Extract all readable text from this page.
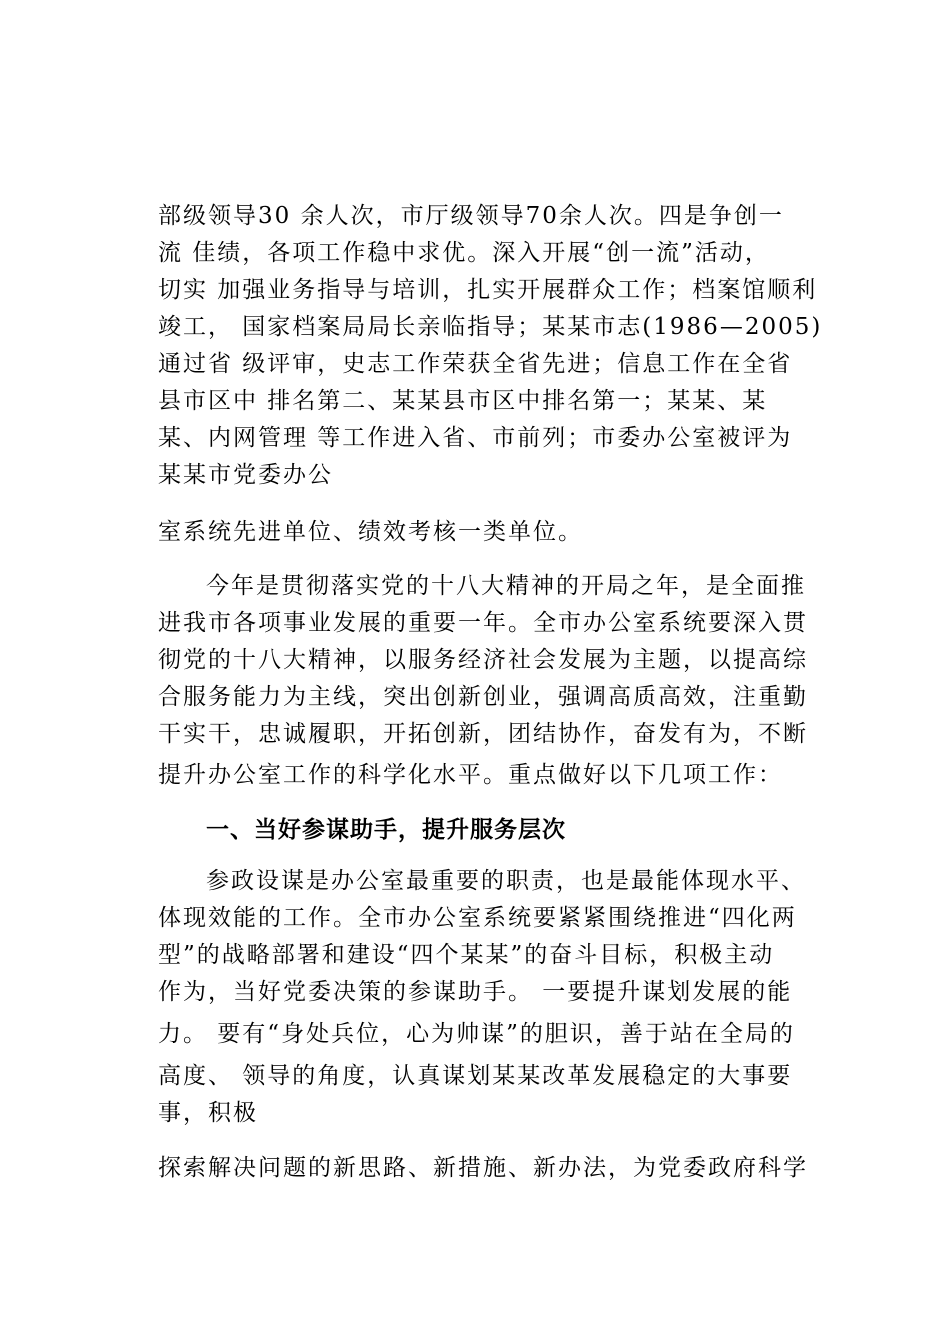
部级领导30 余人次，市厅级领导70余人次。四是争创一
流 佳绩，各项工作稳中求优。深入开展“创一流”活动，
切实 加强业务指导与培训，扎实开展群众工作；档案馆顺利
竣工， 国家档案局局长亲临指导；某某市志(1986—2005)
通过省 级评审，史志工作荣获全省先进；信息工作在全省
县市区中 排名第二、某某县市区中排名第一；某某、某
某、内网管理 等工作进入省、市前列；市委办公室被评为
某某市党委办公
室系统先进单位、绩效考核一类单位。
今年是贯彻落实党的十八大精神的开局之年，是全面推
进我市各项事业发展的重要一年。全市办公室系统要深入贯
彻党的十八大精神，以服务经济社会发展为主题，以提高综
合服务能力为主线，突出创新创业，强调高质高效，注重勤
干实干，忠诚履职，开拓创新，团结协作，奋发有为，不断
提升办公室工作的科学化水平。重点做好以下几项工作：
一、当好参谋助手，提升服务层次
参政设谋是办公室最重要的职责，也是最能体现水平、
体现效能的工作。全市办公室系统要紧紧围绕推进“四化两
型”的战略部署和建设“四个某某”的奋斗目标，积极主动
作为，当好党委决策的参谋助手。 一要提升谋划发展的能
力。 要有“身处兵位，心为帅谋”的胆识，善于站在全局的
高度、 领导的角度，认真谋划某某改革发展稳定的大事要
事，积极
探索解决问题的新思路、新措施、新办法，为党委政府科学
